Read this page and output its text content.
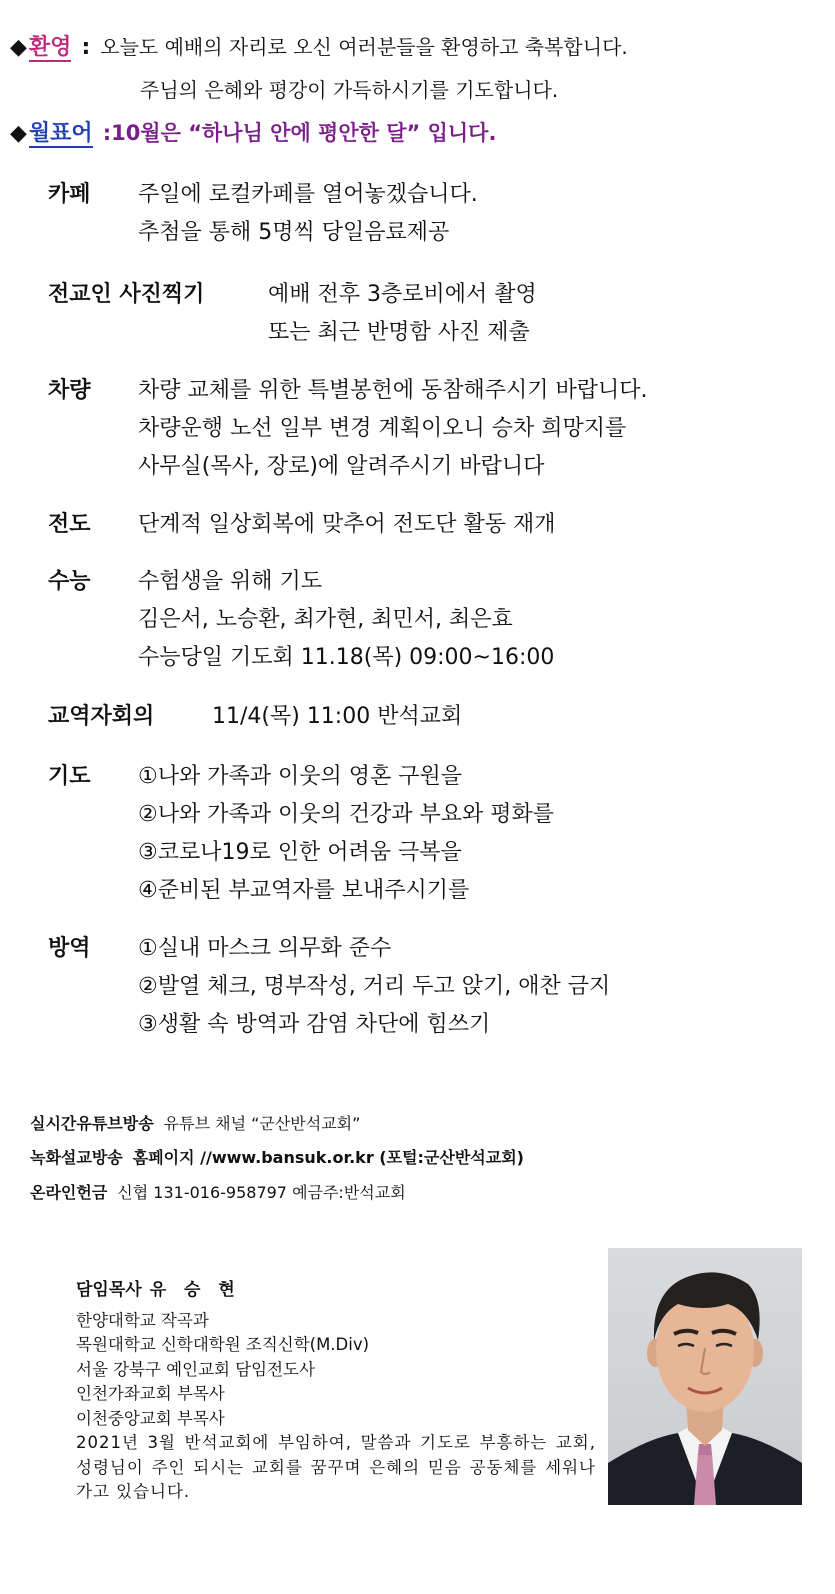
◆환영 : 오늘도 예배의 자리로 오신 여러분들을 환영하고 축복합니다.
주님의 은혜와 평강이 가득하시기를 기도합니다.
◆월표어 :10월은 “하나님 안에 평안한 달” 입니다.
카페 주일에 로컬카페를 열어놓겠습니다.
추첨을 통해 5명씩 당일음료제공
전교인 사진찍기	예배 전후 3층로비에서 촬영
또는 최근 반명함 사진 제출
차량 차량 교체를 위한 특별봉헌에 동참해주시기 바랍니다.
차량운행 노선 일부 변경 계획이오니 승차 희망지를
사무실(목사, 장로)에 알려주시기 바랍니다
전도 단계적 일상회복에 맞추어 전도단 활동 재개
수능 수험생을 위해 기도
김은서, 노승환, 최가현, 최민서, 최은효
수능당일 기도회 11.18(목) 09:00~16:00
교역자회의	11/4(목) 11:00 반석교회
기도 ①나와 가족과 이웃의 영혼 구원을
②나와 가족과 이웃의 건강과 부요와 평화를
③코로나19로 인한 어려움 극복을
④준비된 부교역자를 보내주시기를
방역 ①실내 마스크 의무화 준수
②발열 체크, 명부작성, 거리 두고 앉기, 애찬 금지
③생활 속 방역과 감염 차단에 힘쓰기
실시간유튜브방송 유튜브 채널 “군산반석교회”
녹화설교방송 홈페이지 //www.bansuk.or.kr (포털:군산반석교회)
온라인헌금 신협 131-016-958797 예금주:반석교회
담임목사 유 승 현
한양대학교 작곡과
목원대학교 신학대학원 조직신학(M.Div)
서울 강북구 예인교회 담임전도사
인천가좌교회 부목사
이천중앙교회 부목사
2021년 3월 반석교회에 부임하여, 말씀과 기도로 부흥하는 교회, 성령님이 주인 되시는 교회를 꿈꾸며 은혜의 믿음 공동체를 세워나가고 있습니다.
